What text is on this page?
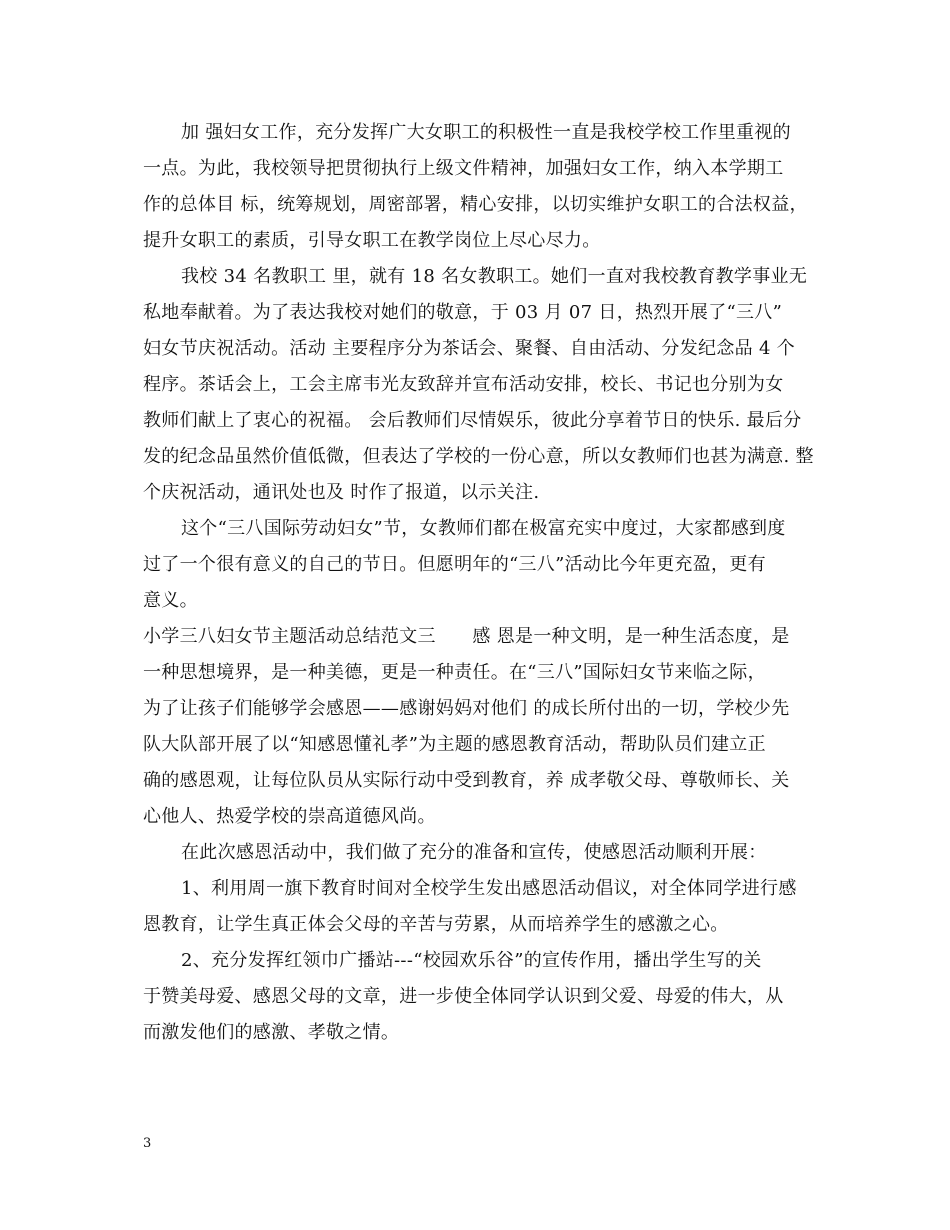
加 强妇女工作，充分发挥广大女职工的积极性一直是我校学校工作里重视的
一点。为此，我校领导把贯彻执行上级文件精神，加强妇女工作，纳入本学期工
作的总体目 标，统筹规划，周密部署，精心安排，以切实维护女职工的合法权益，
提升女职工的素质，引导女职工在教学岗位上尽心尽力。
我校 34 名教职工 里，就有 18 名女教职工。她们一直对我校教育教学事业无
私地奉献着。为了表达我校对她们的敬意，于 03 月 07 日，热烈开展了“三八”
妇女节庆祝活动。活动 主要程序分为茶话会、聚餐、自由活动、分发纪念品 4 个
程序。茶话会上，工会主席韦光友致辞并宣布活动安排，校长、书记也分别为女
教师们献上了衷心的祝福。 会后教师们尽情娱乐，彼此分享着节日的快乐. 最后分
发的纪念品虽然价值低微，但表达了学校的一份心意，所以女教师们也甚为满意. 整
个庆祝活动，通讯处也及 时作了报道，以示关注.
这个“三八国际劳动妇女”节，女教师们都在极富充实中度过，大家都感到度
过了一个很有意义的自己的节日。但愿明年的“三八”活动比今年更充盈，更有
意义。
小学三八妇女节主题活动总结范文三　　感 恩是一种文明，是一种生活态度，是
一种思想境界，是一种美德，更是一种责任。在“三八”国际妇女节来临之际，
为了让孩子们能够学会感恩——感谢妈妈对他们 的成长所付出的一切，学校少先
队大队部开展了以“知感恩懂礼孝”为主题的感恩教育活动，帮助队员们建立正
确的感恩观，让每位队员从实际行动中受到教育，养 成孝敬父母、尊敬师长、关
心他人、热爱学校的崇高道德风尚。
在此次感恩活动中，我们做了充分的准备和宣传，使感恩活动顺利开展：
1、利用周一旗下教育时间对全校学生发出感恩活动倡议，对全体同学进行感
恩教育，让学生真正体会父母的辛苦与劳累，从而培养学生的感激之心。
2、充分发挥红领巾广播站---“校园欢乐谷”的宣传作用，播出学生写的关
于赞美母爱、感恩父母的文章，进一步使全体同学认识到父爱、母爱的伟大，从
而激发他们的感激、孝敬之情。
3
